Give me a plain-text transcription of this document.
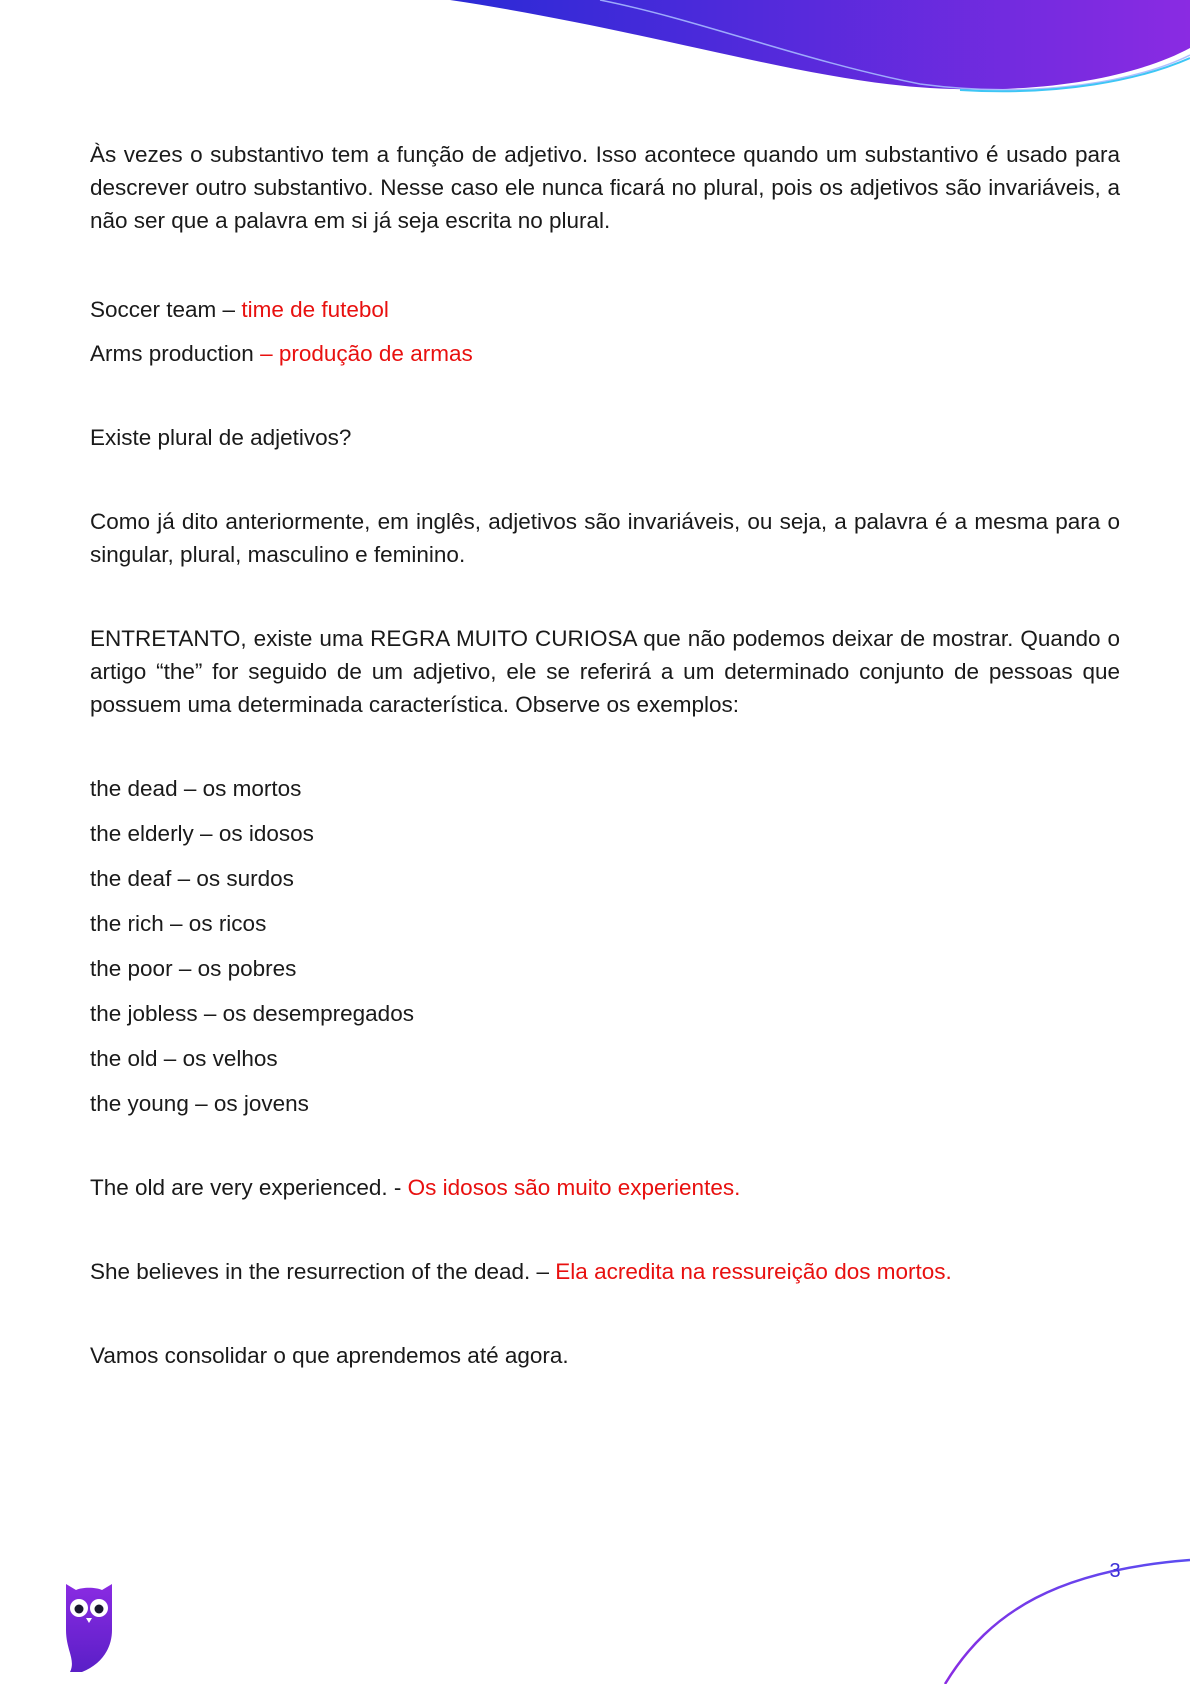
Às vezes o substantivo tem a função de adjetivo. Isso acontece quando um substantivo é usado para descrever outro substantivo. Nesse caso ele nunca ficará no plural, pois os adjetivos são invariáveis, a não ser que a palavra em si já seja escrita no plural.

Soccer team – time de futebol
Arms production – produção de armas

Existe plural de adjetivos?

Como já dito anteriormente, em inglês, adjetivos são invariáveis, ou seja, a palavra é a mesma para o singular, plural, masculino e feminino.

ENTRETANTO, existe uma REGRA MUITO CURIOSA que não podemos deixar de mostrar. Quando o artigo “the” for seguido de um adjetivo, ele se referirá a um determinado conjunto de pessoas que possuem uma determinada característica. Observe os exemplos:

the dead – os mortos
the elderly – os idosos
the deaf – os surdos
the rich – os ricos
the poor – os pobres
the jobless – os desempregados
the old – os velhos
the young – os jovens
The old are very experienced. - Os idosos são muito experientes.
She believes in the resurrection of the dead. – Ela acredita na ressureição dos mortos.

Vamos consolidar o que aprendemos até agora.

3
